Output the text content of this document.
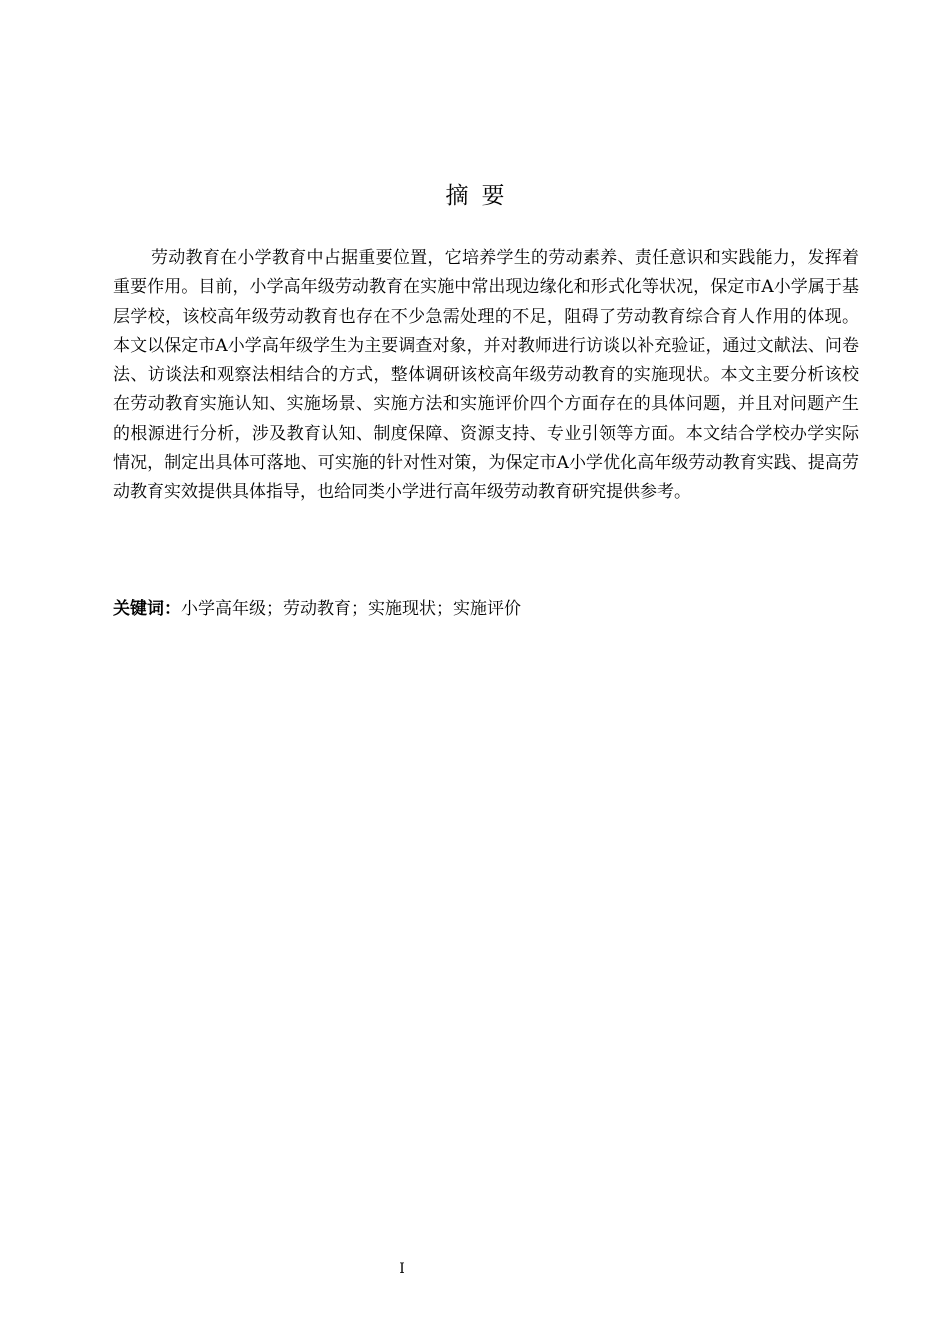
摘要

劳动教育在小学教育中占据重要位置，它培养学生的劳动素养、责任意识和实践能力，发挥着重要作用。目前，小学高年级劳动教育在实施中常出现边缘化和形式化等状况，保定市A小学属于基层学校，该校高年级劳动教育也存在不少急需处理的不足，阻碍了劳动教育综合育人作用的体现。本文以保定市A小学高年级学生为主要调查对象，并对教师进行访谈以补充验证，通过文献法、问卷法、访谈法和观察法相结合的方式，整体调研该校高年级劳动教育的实施现状。本文主要分析该校在劳动教育实施认知、实施场景、实施方法和实施评价四个方面存在的具体问题，并且对问题产生的根源进行分析，涉及教育认知、制度保障、资源支持、专业引领等方面。本文结合学校办学实际情况，制定出具体可落地、可实施的针对性对策，为保定市A小学优化高年级劳动教育实践、提高劳动教育实效提供具体指导，也给同类小学进行高年级劳动教育研究提供参考。

关键词：小学高年级；劳动教育；实施现状；实施评价
I
